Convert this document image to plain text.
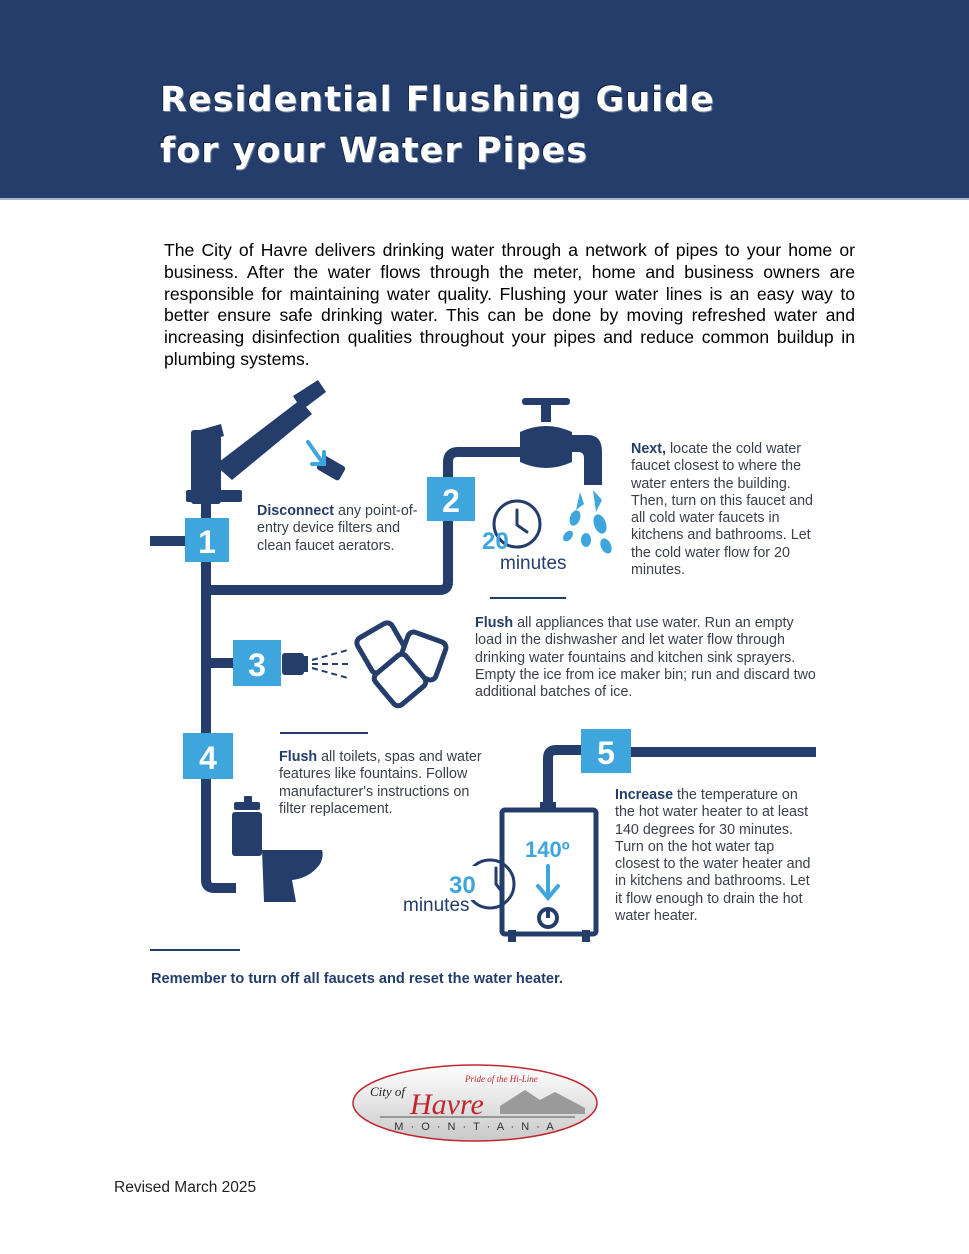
Residential Flushing Guide
for your Water Pipes

The City of Havre delivers drinking water through a network of pipes to your home or business. After the water flows through the meter, home and business owners are responsible for maintaining water quality. Flushing your water lines is an easy way to better ensure safe drinking water. This can be done by moving refreshed water and increasing disinfection qualities throughout your pipes and reduce common buildup in plumbing systems.

20
minutes
140º
30
minutes
1
2
3
4	5

Disconnect any point-of-entry device filters and clean faucet aerators.

Next, locate the cold water faucet closest to where the water enters the building. Then, turn on this faucet and all cold water faucets in kitchens and bathrooms. Let the cold water flow for 20 minutes.

Flush all appliances that use water. Run an empty load in the dishwasher and let water flow through drinking water fountains and kitchen sink sprayers. Empty the ice from ice maker bin; run and discard two additional batches of ice.

Flush all toilets, spas and water features like fountains. Follow manufacturer's instructions on filter replacement.

Increase the temperature on the hot water heater to at least 140 degrees for 30 minutes. Turn on the hot water tap closest to the water heater and in kitchens and bathrooms. Let it flow enough to drain the hot water heater.

Remember to turn off all faucets and reset the water heater.
City of
Pride of the Hi-Line
Havre
M · O · N · T · A · N · A
Revised March 2025
